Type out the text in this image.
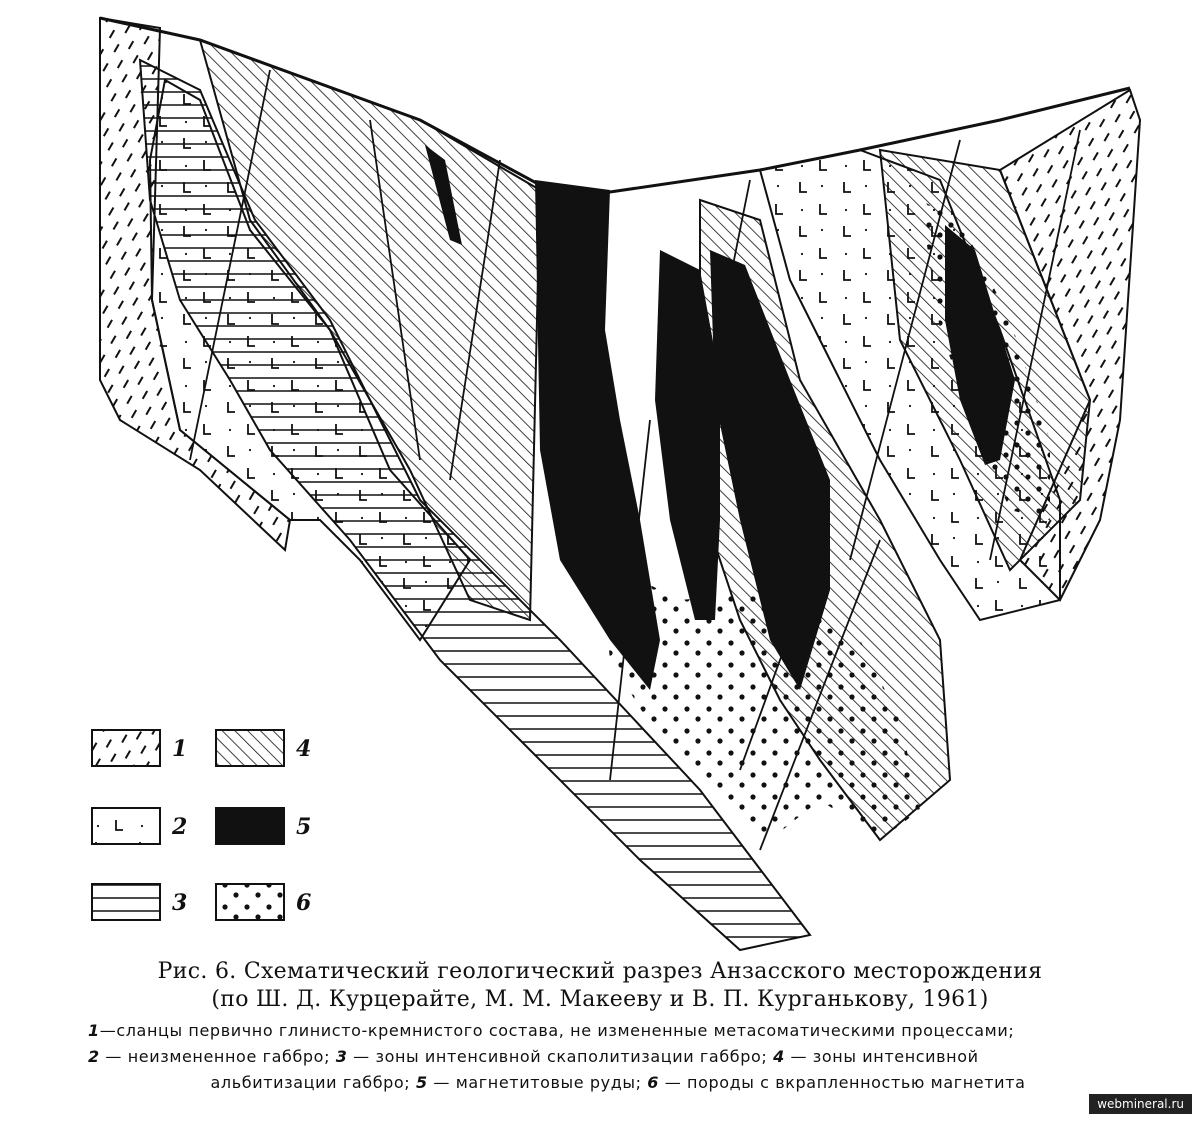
1
2
3
4
5
6
Рис. 6. Схематический геологический разрез Анзасского месторождения
(по Ш. Д. Курцерайте, М. М. Макееву и В. П. Курганькову, 1961)

1—сланцы первично глинисто-кремнистого состава, не измененные метасоматическими процессами;

2 — неизмененное габбро; 3 — зоны интенсивной скаполитизации габбро; 4 — зоны интенсивной

альбитизации габбро; 5 — магнетитовые руды; 6 — породы с вкрапленностью магнетита

webmineral.ru
